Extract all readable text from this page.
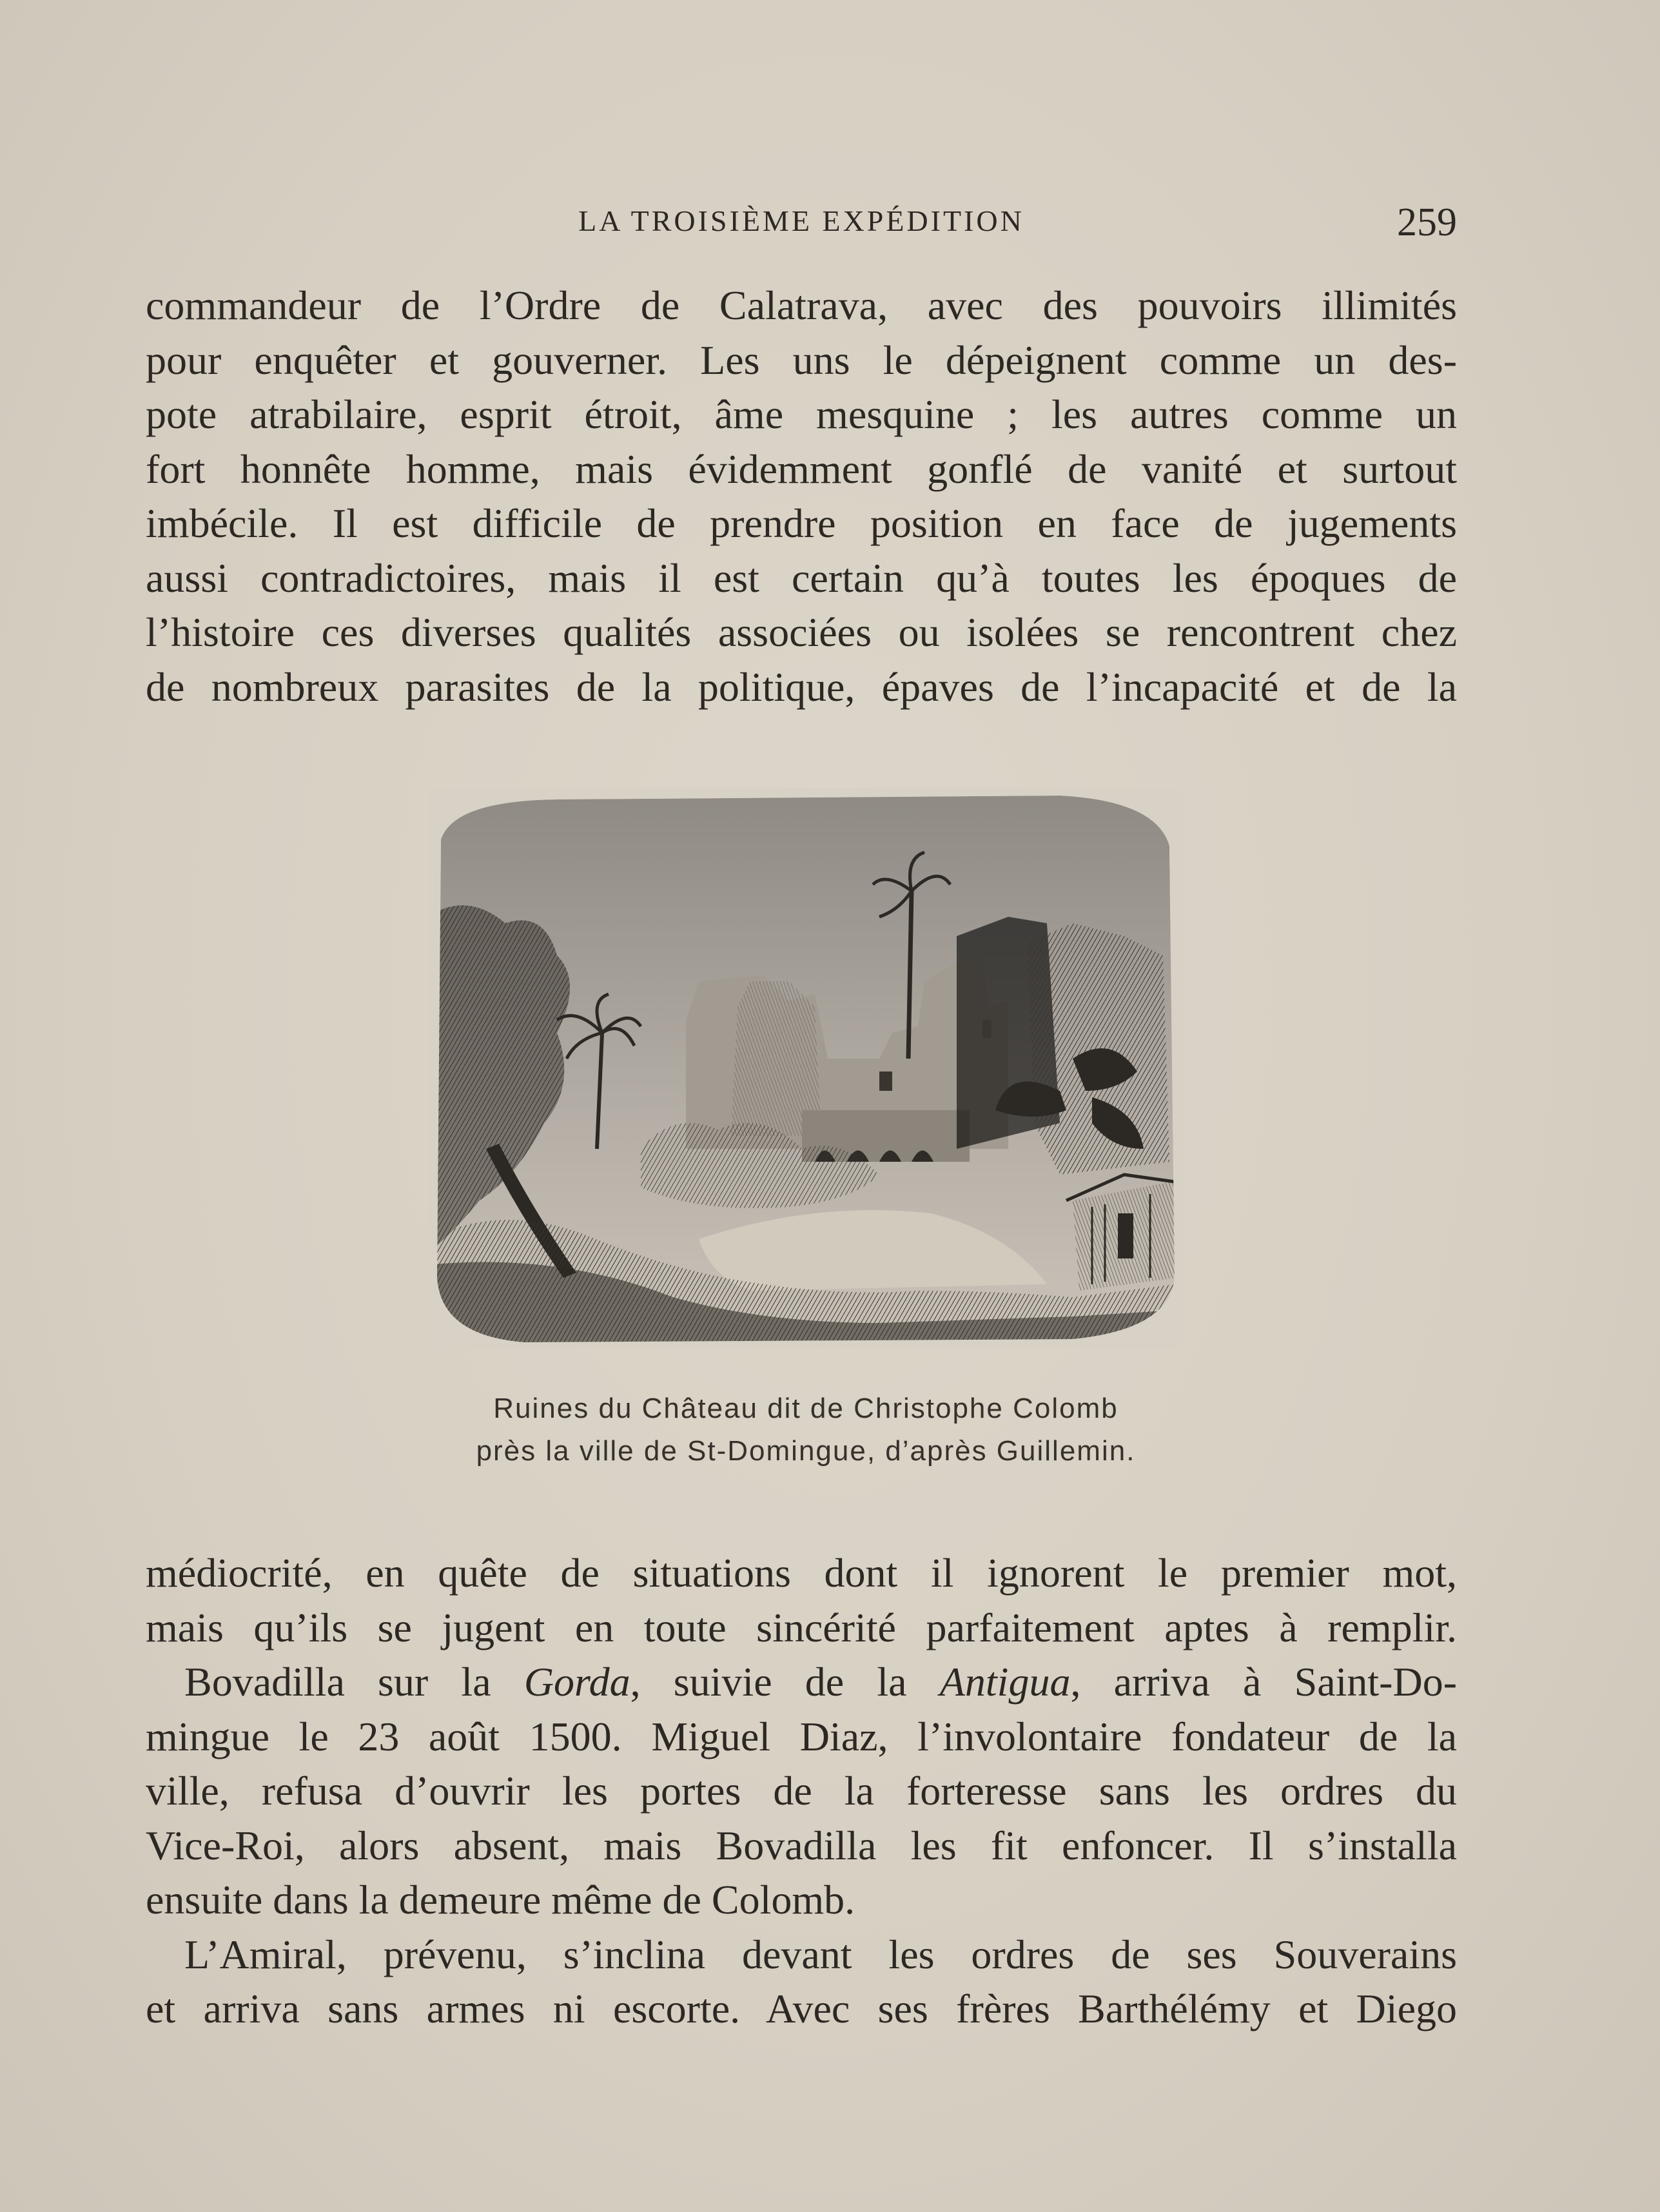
LA TROISIÈME EXPÉDITION	259
commandeur de l’Ordre de Calatrava, avec des pouvoirs illimités
pour enquêter et gouverner. Les uns le dépeignent comme un des-
pote atrabilaire, esprit étroit, âme mesquine ; les autres comme un
fort honnête homme, mais évidemment gonflé de vanité et surtout
imbécile. Il est difficile de prendre position en face de jugements
aussi contradictoires, mais il est certain qu’à toutes les époques de
l’histoire ces diverses qualités associées ou isolées se rencontrent chez
de nombreux parasites de la politique, épaves de l’incapacité et de la
Ruines du Château dit de Christophe Colomb
près la ville de St-Domingue, d’après Guillemin.
médiocrité, en quête de situations dont il ignorent le premier mot,
mais qu’ils se jugent en toute sincérité parfaitement aptes à remplir.
Bovadilla sur la Gorda, suivie de la Antigua, arriva à Saint-Do-
mingue le 23 août 1500. Miguel Diaz, l’involontaire fondateur de la
ville, refusa d’ouvrir les portes de la forteresse sans les ordres du
Vice-Roi, alors absent, mais Bovadilla les fit enfoncer. Il s’installa
ensuite dans la demeure même de Colomb.
L’Amiral, prévenu, s’inclina devant les ordres de ses Souverains
et arriva sans armes ni escorte. Avec ses frères Barthélémy et Diego
